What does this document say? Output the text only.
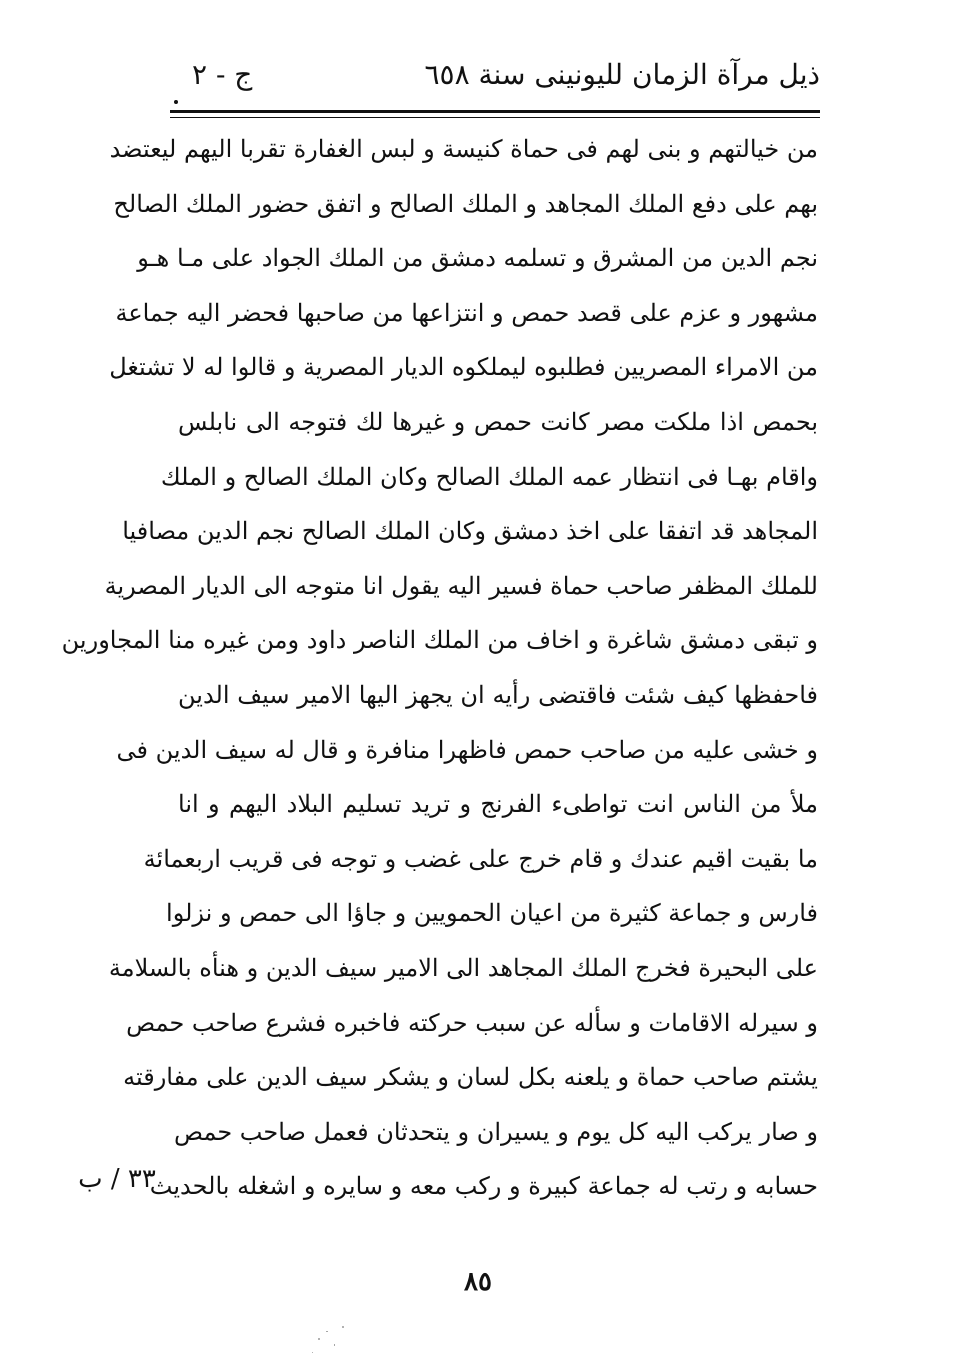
ذيل مرآة الزمان لليونينى سنة ٦٥٨
ج - ٢
من خيالتهم و بنى لهم فى حماة كنيسة و لبس الغفارة تقربا اليهم ليعتضد
بهم على دفع الملك المجاهد و الملك الصالح و اتفق حضور الملك الصالح
نجم الدين من المشرق و تسلمه دمشق من الملك الجواد على مـا هـو
مشهور و عزم على قصد حمص و انتزاعها من صاحبها فحضر اليه جماعة
من الامراء المصريين فطلبوه ليملكوه الديار المصرية و قالوا له لا تشتغل
بحمص اذا ملكت مصر كانت حمص و غيرها لك فتوجه الى نابلس
واقام بهـا فى انتظار عمه الملك الصالح وكان الملك الصالح و الملك
المجاهد قد اتفقا على اخذ دمشق وكان الملك الصالح نجم الدين مصافيا
للملك المظفر صاحب حماة فسير اليه يقول انا متوجه الى الديار المصرية
و تبقى دمشق شاغرة و اخاف من الملك الناصر داود ومن غيره منا المجاورين
فاحفظها كيف شئت فاقتضى رأيه ان يجهز اليها الامير سيف الدين
و خشى عليه من صاحب حمص فاظهرا منافرة و قال له سيف الدين فى
ملأ من الناس انت تواطىء الفرنج و تريد تسليم البلاد اليهم و انا
ما بقيت اقيم عندك و قام خرج على غضب و توجه فى قريب اربعمائة
فارس و جماعة كثيرة من اعيان الحمويين و جاؤا الى حمص و نزلوا
على البحيرة فخرج الملك المجاهد الى الامير سيف الدين و هنأه بالسلامة
و سيرله الاقامات و سأله عن سبب حركته فاخبره فشرع صاحب حمص
يشتم صاحب حماة و يلعنه بكل لسان و يشكر سيف الدين على مفارقته
و صار يركب اليه كل يوم و يسيران و يتحدثان فعمل صاحب حمص
حسابه و رتب له جماعة كبيرة و ركب معه و سايره و اشغله بالحديث
٣٣ / ب
٨٥
